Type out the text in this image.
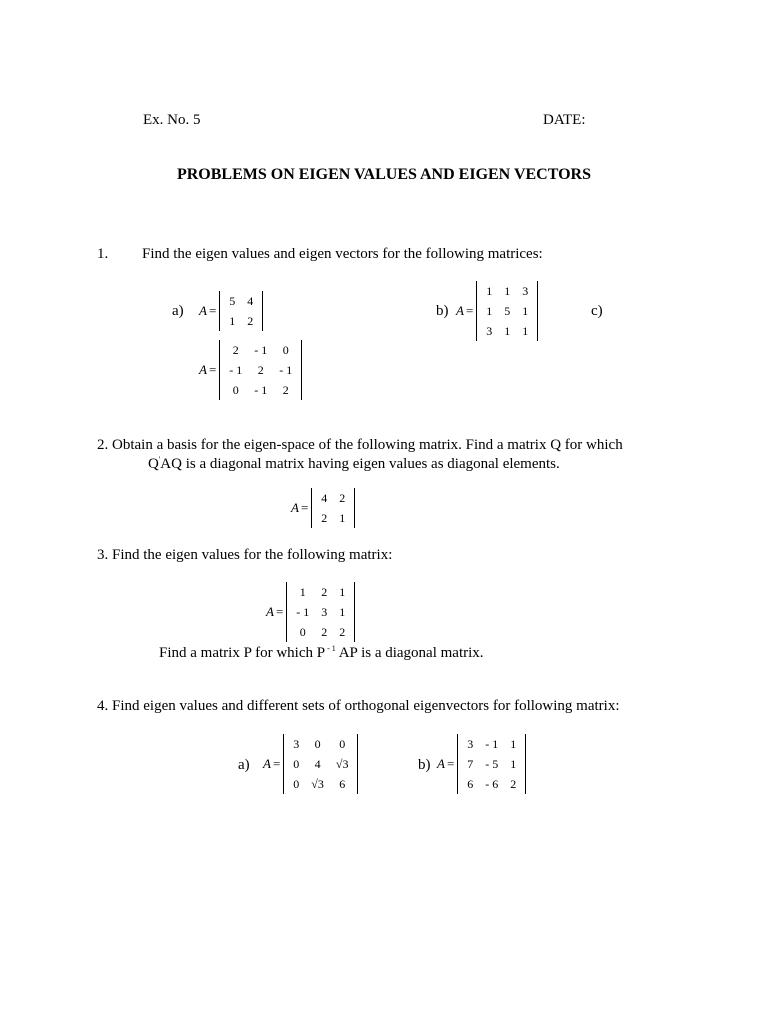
Ex. No. 5	DATE:
PROBLEMS ON EIGEN VALUES AND EIGEN VECTORS
1. Find the eigen values and eigen vectors for the following matrices:
a) A =
5	4
1	2
b) A =
1	1	3
1	5	1
3	1	1
c)
A =
2	- 1	0
- 1	2	- 1
0	- 1	2
2. Obtain a basis for the eigen-space of the following matrix. Find a matrix Q for which
Q'AQ is a diagonal matrix having eigen values as diagonal elements.
A =
4	2
2	1
3. Find the eigen values for the following matrix:
A =
1	2	1
- 1	3	1
0	2	2
Find a matrix P for which P $^{- 1}$ AP is a diagonal matrix.
4. Find eigen values and different sets of orthogonal eigenvectors for following matrix:
a) A =
3	0	0
0	4	√3
0	√3	6
b) A =
3	- 1	1
7	- 5	1
6	- 6	2
